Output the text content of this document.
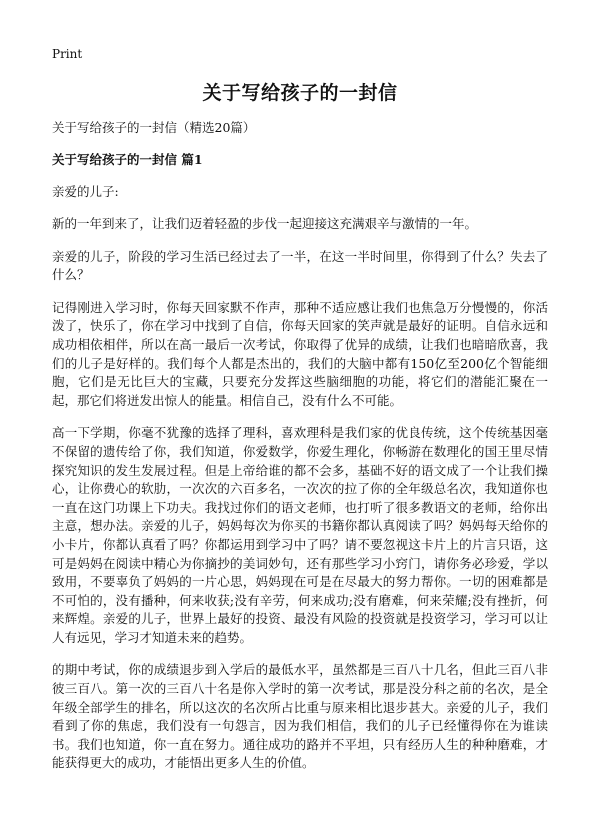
Print
关于写给孩子的一封信

关于写给孩子的一封信（精选20篇）

关于写给孩子的一封信 篇1

亲爱的儿子:

新的一年到来了，让我们迈着轻盈的步伐一起迎接这充满艰辛与激情的一年。

亲爱的儿子，阶段的学习生活已经过去了一半，在这一半时间里，你得到了什么？失去了什么？

记得刚进入学习时，你每天回家默不作声，那种不适应感让我们也焦急万分慢慢的，你活泼了，快乐了，你在学习中找到了自信，你每天回家的笑声就是最好的证明。自信永远和成功相依相伴，所以在高一最后一次考试，你取得了优异的成绩，让我们也暗暗欣喜，我们的儿子是好样的。我们每个人都是杰出的，我们的大脑中都有150亿至200亿个智能细胞，它们是无比巨大的宝藏，只要充分发挥这些脑细胞的功能，将它们的潜能汇聚在一起，那它们将迸发出惊人的能量。相信自己，没有什么不可能。

高一下学期，你毫不犹豫的选择了理科，喜欢理科是我们家的优良传统，这个传统基因毫不保留的遗传给了你，我们知道，你爱数学，你爱生理化，你畅游在数理化的国王里尽情探究知识的发生发展过程。但是上帝给谁的都不会多，基础不好的语文成了一个让我们操心，让你费心的软肋，一次次的六百多名，一次次的拉了你的全年级总名次，我知道你也一直在这门功课上下功夫。我找过你们的语文老师，也打听了很多教语文的老师，给你出主意，想办法。亲爱的儿子，妈妈每次为你买的书籍你都认真阅读了吗？妈妈每天给你的小卡片，你都认真看了吗？你都运用到学习中了吗？请不要忽视这卡片上的片言只语，这可是妈妈在阅读中精心为你摘抄的美词妙句，还有那些学习小窍门，请你务必珍爱，学以致用，不要辜负了妈妈的一片心思，妈妈现在可是在尽最大的努力帮你。一切的困难都是不可怕的，没有播种，何来收获;没有辛劳，何来成功;没有磨难，何来荣耀;没有挫折，何来辉煌。亲爱的儿子，世界上最好的投资、最没有风险的投资就是投资学习，学习可以让人有远见，学习才知道未来的趋势。

的期中考试，你的成绩退步到入学后的最低水平，虽然都是三百八十几名，但此三百八非彼三百八。第一次的三百八十名是你入学时的第一次考试，那是没分科之前的名次，是全年级全部学生的排名，所以这次的名次所占比重与原来相比退步甚大。亲爱的儿子，我们看到了你的焦虑，我们没有一句怨言，因为我们相信，我们的儿子已经懂得你在为谁读书。我们也知道，你一直在努力。通往成功的路并不平坦，只有经历人生的种种磨难，才能获得更大的成功，才能悟出更多人生的价值。
